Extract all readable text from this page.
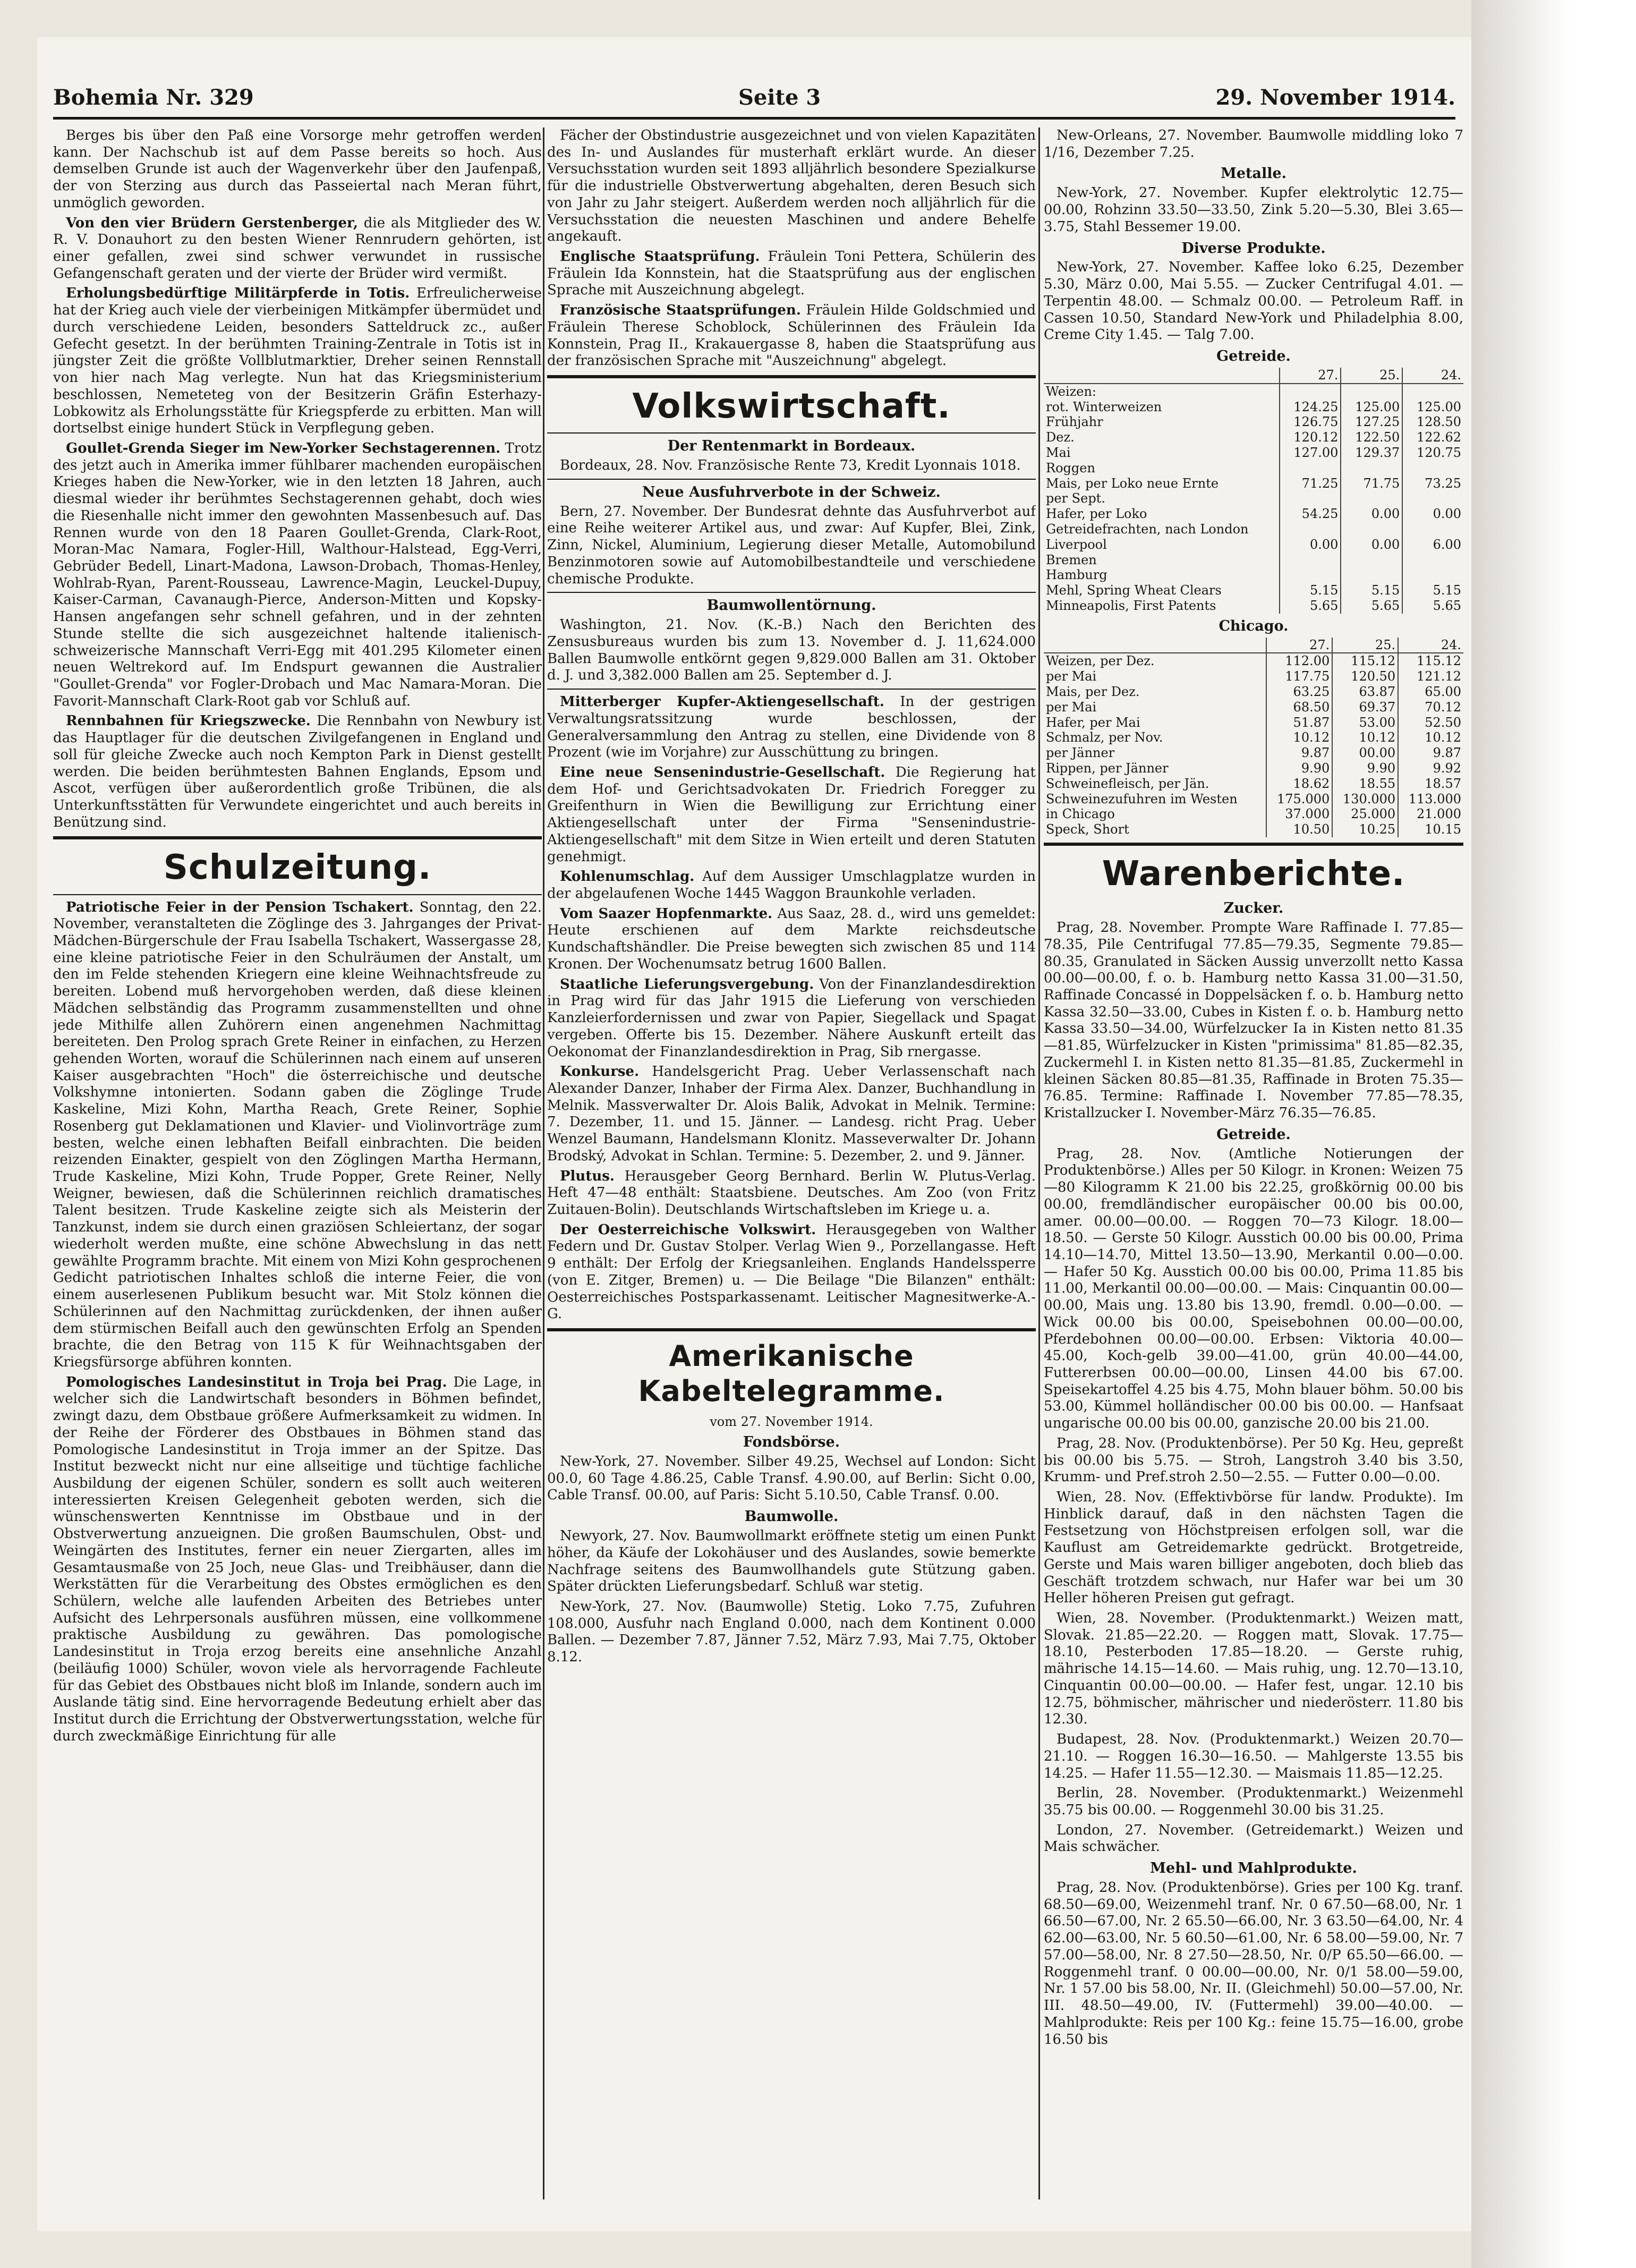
Bohemia Nr. 329	Seite 3	29. November 1914.

Berges bis über den Paß eine Vorsorge mehr getroffen werden kann. Der Nachschub ist auf dem Passe bereits so hoch. Aus demselben Grunde ist auch der Wagenverkehr über den Jaufenpaß, der von Sterzing aus durch das Passeiertal nach Meran führt, unmöglich geworden.

Von den vier Brüdern Gerstenberger, die als Mitglieder des W. R. V. Donauhort zu den besten Wiener Rennrudern gehörten, ist einer gefallen, zwei sind schwer verwundet in russische Gefangenschaft geraten und der vierte der Brüder wird vermißt.

Erholungsbedürftige Militärpferde in Totis. Erfreulicherweise hat der Krieg auch viele der vierbeinigen Mitkämpfer übermüdet und durch verschiedene Leiden, besonders Satteldruck zc., außer Gefecht gesetzt. In der berühmten Training-Zentrale in Totis ist in jüngster Zeit die größte Vollblutmarktier, Dreher seinen Rennstall von hier nach Mag verlegte. Nun hat das Kriegsministerium beschlossen, Nemeteteg von der Besitzerin Gräfin Esterhazy-Lobkowitz als Erholungsstätte für Kriegspferde zu erbitten. Man will dortselbst einige hundert Stück in Verpflegung geben.

Goullet-Grenda Sieger im New-Yorker Sechstagerennen. Trotz des jetzt auch in Amerika immer fühlbarer machenden europäischen Krieges haben die New-Yorker, wie in den letzten 18 Jahren, auch diesmal wieder ihr berühmtes Sechstagerennen gehabt, doch wies die Riesenhalle nicht immer den gewohnten Massenbesuch auf. Das Rennen wurde von den 18 Paaren Goullet-Grenda, Clark-Root, Moran-Mac Namara, Fogler-Hill, Walthour-Halstead, Egg-Verri, Gebrüder Bedell, Linart-Madona, Lawson-Drobach, Thomas-Henley, Wohlrab-Ryan, Parent-Rousseau, Lawrence-Magin, Leuckel-Dupuy, Kaiser-Carman, Cavanaugh-Pierce, Anderson-Mitten und Kopsky-Hansen angefangen sehr schnell gefahren, und in der zehnten Stunde stellte die sich ausgezeichnet haltende italienisch-schweizerische Mannschaft Verri-Egg mit 401.295 Kilometer einen neuen Weltrekord auf. Im Endspurt gewannen die Australier "Goullet-Grenda" vor Fogler-Drobach und Mac Namara-Moran. Die Favorit-Mannschaft Clark-Root gab vor Schluß auf.

Rennbahnen für Kriegszwecke. Die Rennbahn von Newbury ist das Hauptlager für die deutschen Zivilgefangenen in England und soll für gleiche Zwecke auch noch Kempton Park in Dienst gestellt werden. Die beiden berühmtesten Bahnen Englands, Epsom und Ascot, verfügen über außerordentlich große Tribünen, die als Unterkunftsstätten für Verwundete eingerichtet und auch bereits in Benützung sind.

Schulzeitung.

Patriotische Feier in der Pension Tschakert. Sonntag, den 22. November, veranstalteten die Zöglinge des 3. Jahrganges der Privat-Mädchen-Bürgerschule der Frau Isabella Tschakert, Wassergasse 28, eine kleine patriotische Feier in den Schulräumen der Anstalt, um den im Felde stehenden Kriegern eine kleine Weihnachtsfreude zu bereiten. Lobend muß hervorgehoben werden, daß diese kleinen Mädchen selbständig das Programm zusammenstellten und ohne jede Mithilfe allen Zuhörern einen angenehmen Nachmittag bereiteten. Den Prolog sprach Grete Reiner in einfachen, zu Herzen gehenden Worten, worauf die Schülerinnen nach einem auf unseren Kaiser ausgebrachten "Hoch" die österreichische und deutsche Volkshymne intonierten. Sodann gaben die Zöglinge Trude Kaskeline, Mizi Kohn, Martha Reach, Grete Reiner, Sophie Rosenberg gut Deklamationen und Klavier- und Violinvorträge zum besten, welche einen lebhaften Beifall einbrachten. Die beiden reizenden Einakter, gespielt von den Zöglingen Martha Hermann, Trude Kaskeline, Mizi Kohn, Trude Popper, Grete Reiner, Nelly Weigner, bewiesen, daß die Schülerinnen reichlich dramatisches Talent besitzen. Trude Kaskeline zeigte sich als Meisterin der Tanzkunst, indem sie durch einen graziösen Schleiertanz, der sogar wiederholt werden mußte, eine schöne Abwechslung in das nett gewählte Programm brachte. Mit einem von Mizi Kohn gesprochenen Gedicht patriotischen Inhaltes schloß die interne Feier, die von einem auserlesenen Publikum besucht war. Mit Stolz können die Schülerinnen auf den Nachmittag zurückdenken, der ihnen außer dem stürmischen Beifall auch den gewünschten Erfolg an Spenden brachte, die den Betrag von 115 K für Weihnachtsgaben der Kriegsfürsorge abführen konnten.

Pomologisches Landesinstitut in Troja bei Prag. Die Lage, in welcher sich die Landwirtschaft besonders in Böhmen befindet, zwingt dazu, dem Obstbaue größere Aufmerksamkeit zu widmen. In der Reihe der Förderer des Obstbaues in Böhmen stand das Pomologische Landesinstitut in Troja immer an der Spitze. Das Institut bezweckt nicht nur eine allseitige und tüchtige fachliche Ausbildung der eigenen Schüler, sondern es sollt auch weiteren interessierten Kreisen Gelegenheit geboten werden, sich die wünschenswerten Kenntnisse im Obstbaue und in der Obstverwertung anzueignen. Die großen Baumschulen, Obst- und Weingärten des Institutes, ferner ein neuer Ziergarten, alles im Gesamtausmaße von 25 Joch, neue Glas- und Treibhäuser, dann die Werkstätten für die Verarbeitung des Obstes ermöglichen es den Schülern, welche alle laufenden Arbeiten des Betriebes unter Aufsicht des Lehrpersonals ausführen müssen, eine vollkommene praktische Ausbildung zu gewähren. Das pomologische Landesinstitut in Troja erzog bereits eine ansehnliche Anzahl (beiläufig 1000) Schüler, wovon viele als hervorragende Fachleute für das Gebiet des Obstbaues nicht bloß im Inlande, sondern auch im Auslande tätig sind. Eine hervorragende Bedeutung erhielt aber das Institut durch die Errichtung der Obstverwertungsstation, welche für durch zweckmäßige Einrichtung für alle

Fächer der Obstindustrie ausgezeichnet und von vielen Kapazitäten des In- und Auslandes für musterhaft erklärt wurde. An dieser Versuchsstation wurden seit 1893 alljährlich besondere Spezialkurse für die industrielle Obstverwertung abgehalten, deren Besuch sich von Jahr zu Jahr steigert. Außerdem werden noch alljährlich für die Versuchsstation die neuesten Maschinen und andere Behelfe angekauft.

Englische Staatsprüfung. Fräulein Toni Pettera, Schülerin des Fräulein Ida Konnstein, hat die Staatsprüfung aus der englischen Sprache mit Auszeichnung abgelegt.

Französische Staatsprüfungen. Fräulein Hilde Goldschmied und Fräulein Therese Schoblock, Schülerinnen des Fräulein Ida Konnstein, Prag II., Krakauergasse 8, haben die Staatsprüfung aus der französischen Sprache mit "Auszeichnung" abgelegt.

Volkswirtschaft.
Der Rentenmarkt in Bordeaux.

Bordeaux, 28. Nov. Französische Rente 73, Kredit Lyonnais 1018.

Neue Ausfuhrverbote in der Schweiz.

Bern, 27. November. Der Bundesrat dehnte das Ausfuhrverbot auf eine Reihe weiterer Artikel aus, und zwar: Auf Kupfer, Blei, Zink, Zinn, Nickel, Aluminium, Legierung dieser Metalle, Automobilund Benzinmotoren sowie auf Automobilbestandteile und verschiedene chemische Produkte.

Baumwollentörnung.

Washington, 21. Nov. (K.-B.) Nach den Berichten des Zensusbureaus wurden bis zum 13. November d. J. 11,624.000 Ballen Baumwolle entkörnt gegen 9,829.000 Ballen am 31. Oktober d. J. und 3,382.000 Ballen am 25. September d. J.

Mitterberger Kupfer-Aktiengesellschaft. In der gestrigen Verwaltungsratssitzung wurde beschlossen, der Generalversammlung den Antrag zu stellen, eine Dividende von 8 Prozent (wie im Vorjahre) zur Ausschüttung zu bringen.

Eine neue Sensenindustrie-Gesellschaft. Die Regierung hat dem Hof- und Gerichtsadvokaten Dr. Friedrich Foregger zu Greifenthurn in Wien die Bewilligung zur Errichtung einer Aktiengesellschaft unter der Firma "Sensenindustrie-Aktiengesellschaft" mit dem Sitze in Wien erteilt und deren Statuten genehmigt.

Kohlenumschlag. Auf dem Aussiger Umschlagplatze wurden in der abgelaufenen Woche 1445 Waggon Braunkohle verladen.

Vom Saazer Hopfenmarkte. Aus Saaz, 28. d., wird uns gemeldet: Heute erschienen auf dem Markte reichsdeutsche Kundschaftshändler. Die Preise bewegten sich zwischen 85 und 114 Kronen. Der Wochenumsatz betrug 1600 Ballen.

Staatliche Lieferungsvergebung. Von der Finanzlandesdirektion in Prag wird für das Jahr 1915 die Lieferung von verschieden Kanzleierfordernissen und zwar von Papier, Siegellack und Spagat vergeben. Offerte bis 15. Dezember. Nähere Auskunft erteilt das Oekonomat der Finanzlandesdirektion in Prag, Sib rnergasse.

Konkurse. Handelsgericht Prag. Ueber Verlassenschaft nach Alexander Danzer, Inhaber der Firma Alex. Danzer, Buchhandlung in Melnik. Massverwalter Dr. Alois Balik, Advokat in Melnik. Termine: 7. Dezember, 11. und 15. Jänner. — Landesg. richt Prag. Ueber Wenzel Baumann, Handelsmann Klonitz. Masseverwalter Dr. Johann Brodský, Advokat in Schlan. Termine: 5. Dezember, 2. und 9. Jänner.

Plutus. Herausgeber Georg Bernhard. Berlin W. Plutus-Verlag. Heft 47—48 enthält: Staatsbiene. Deutsches. Am Zoo (von Fritz Zuitauen-Bolin). Deutschlands Wirtschaftsleben im Kriege u. a.

Der Oesterreichische Volkswirt. Herausgegeben von Walther Federn und Dr. Gustav Stolper. Verlag Wien 9., Porzellangasse. Heft 9 enthält: Der Erfolg der Kriegsanleihen. Englands Handelssperre (von E. Zitger, Bremen) u. — Die Beilage "Die Bilanzen" enthält: Oesterreichisches Postsparkassenamt. Leitischer Magnesitwerke-A.-G.

Amerikanische Kabeltelegramme.
vom 27. November 1914.
Fondsbörse.

New-York, 27. November. Silber 49.25, Wechsel auf London: Sicht 00.0, 60 Tage 4.86.25, Cable Transf. 4.90.00, auf Berlin: Sicht 0.00, Cable Transf. 00.00, auf Paris: Sicht 5.10.50, Cable Transf. 0.00.

Baumwolle.

Newyork, 27. Nov. Baumwollmarkt eröffnete stetig um einen Punkt höher, da Käufe der Lokohäuser und des Auslandes, sowie bemerkte Nachfrage seitens des Baumwollhandels gute Stützung gaben. Später drückten Lieferungsbedarf. Schluß war stetig.

New-York, 27. Nov. (Baumwolle) Stetig. Loko 7.75, Zufuhren 108.000, Ausfuhr nach England 0.000, nach dem Kontinent 0.000 Ballen. — Dezember 7.87, Jänner 7.52, März 7.93, Mai 7.75, Oktober 8.12.

New-Orleans, 27. November. Baumwolle middling loko 7 1/16, Dezember 7.25.

Metalle.

New-York, 27. November. Kupfer elektrolytic 12.75—00.00, Rohzinn 33.50—33.50, Zink 5.20—5.30, Blei 3.65—3.75, Stahl Bessemer 19.00.

Diverse Produkte.

New-York, 27. November. Kaffee loko 6.25, Dezember 5.30, März 0.00, Mai 5.55. — Zucker Centrifugal 4.01. — Terpentin 48.00. — Schmalz 00.00. — Petroleum Raff. in Cassen 10.50, Standard New-York und Philadelphia 8.00, Creme City 1.45. — Talg 7.00.

Getreide.
	27.	25.	24.
Weizen:			
rot. Winterweizen	124.25	125.00	125.00
Frühjahr	126.75	127.25	128.50
Dez.	120.12	122.50	122.62
Mai	127.00	129.37	120.75
Roggen			
Mais, per Loko neue Ernte	71.25	71.75	73.25
per Sept.			
Hafer, per Loko	54.25	0.00	0.00
Getreidefrachten, nach London			
Liverpool	0.00	0.00	6.00
Bremen			
Hamburg			
Mehl, Spring Wheat Clears	5.15	5.15	5.15
Minneapolis, First Patents	5.65	5.65	5.65
Chicago.
	27.	25.	24.
Weizen, per Dez.	112.00	115.12	115.12
per Mai	117.75	120.50	121.12
Mais, per Dez.	63.25	63.87	65.00
per Mai	68.50	69.37	70.12
Hafer, per Mai	51.87	53.00	52.50
Schmalz, per Nov.	10.12	10.12	10.12
per Jänner	9.87	00.00	9.87
Rippen, per Jänner	9.90	9.90	9.92
Schweinefleisch, per Jän.	18.62	18.55	18.57
Schweinezufuhren im Westen	175.000	130.000	113.000
in Chicago	37.000	25.000	21.000
Speck, Short	10.50	10.25	10.15
Warenberichte.
Zucker.

Prag, 28. November. Prompte Ware Raffinade I. 77.85—78.35, Pile Centrifugal 77.85—79.35, Segmente 79.85—80.35, Granulated in Säcken Aussig unverzollt netto Kassa 00.00—00.00, f. o. b. Hamburg netto Kassa 31.00—31.50, Raffinade Concassé in Doppelsäcken f. o. b. Hamburg netto Kassa 32.50—33.00, Cubes in Kisten f. o. b. Hamburg netto Kassa 33.50—34.00, Würfelzucker Ia in Kisten netto 81.35—81.85, Würfelzucker in Kisten "primissima" 81.85—82.35, Zuckermehl I. in Kisten netto 81.35—81.85, Zuckermehl in kleinen Säcken 80.85—81.35, Raffinade in Broten 75.35—76.85. Termine: Raffinade I. November 77.85—78.35, Kristallzucker I. November-März 76.35—76.85.

Getreide.

Prag, 28. Nov. (Amtliche Notierungen der Produktenbörse.) Alles per 50 Kilogr. in Kronen: Weizen 75—80 Kilogramm K 21.00 bis 22.25, großkörnig 00.00 bis 00.00, fremdländischer europäischer 00.00 bis 00.00, amer. 00.00—00.00. — Roggen 70—73 Kilogr. 18.00—18.50. — Gerste 50 Kilogr. Ausstich 00.00 bis 00.00, Prima 14.10—14.70, Mittel 13.50—13.90, Merkantil 0.00—0.00. — Hafer 50 Kg. Ausstich 00.00 bis 00.00, Prima 11.85 bis 11.00, Merkantil 00.00—00.00. — Mais: Cinquantin 00.00—00.00, Mais ung. 13.80 bis 13.90, fremdl. 0.00—0.00. — Wick 00.00 bis 00.00, Speisebohnen 00.00—00.00, Pferdebohnen 00.00—00.00. Erbsen: Viktoria 40.00—45.00, Koch-gelb 39.00—41.00, grün 40.00—44.00, Futtererbsen 00.00—00.00, Linsen 44.00 bis 67.00. Speisekartoffel 4.25 bis 4.75, Mohn blauer böhm. 50.00 bis 53.00, Kümmel holländischer 00.00 bis 00.00. — Hanfsaat ungarische 00.00 bis 00.00, ganzische 20.00 bis 21.00.

Prag, 28. Nov. (Produktenbörse). Per 50 Kg. Heu, gepreßt bis 00.00 bis 5.75. — Stroh, Langstroh 3.40 bis 3.50, Krumm- und Pref.stroh 2.50—2.55. — Futter 0.00—0.00.

Wien, 28. Nov. (Effektivbörse für landw. Produkte). Im Hinblick darauf, daß in den nächsten Tagen die Festsetzung von Höchstpreisen erfolgen soll, war die Kauflust am Getreidemarkte gedrückt. Brotgetreide, Gerste und Mais waren billiger angeboten, doch blieb das Geschäft trotzdem schwach, nur Hafer war bei um 30 Heller höheren Preisen gut gefragt.

Wien, 28. November. (Produktenmarkt.) Weizen matt, Slovak. 21.85—22.20. — Roggen matt, Slovak. 17.75—18.10, Pesterboden 17.85—18.20. — Gerste ruhig, mährische 14.15—14.60. — Mais ruhig, ung. 12.70—13.10, Cinquantin 00.00—00.00. — Hafer fest, ungar. 12.10 bis 12.75, böhmischer, mährischer und niederösterr. 11.80 bis 12.30.

Budapest, 28. Nov. (Produktenmarkt.) Weizen 20.70—21.10. — Roggen 16.30—16.50. — Mahlgerste 13.55 bis 14.25. — Hafer 11.55—12.30. — Maismais 11.85—12.25.

Berlin, 28. November. (Produktenmarkt.) Weizenmehl 35.75 bis 00.00. — Roggenmehl 30.00 bis 31.25.

London, 27. November. (Getreidemarkt.) Weizen und Mais schwächer.

Mehl- und Mahlprodukte.

Prag, 28. Nov. (Produktenbörse). Gries per 100 Kg. tranf. 68.50—69.00, Weizenmehl tranf. Nr. 0 67.50—68.00, Nr. 1 66.50—67.00, Nr. 2 65.50—66.00, Nr. 3 63.50—64.00, Nr. 4 62.00—63.00, Nr. 5 60.50—61.00, Nr. 6 58.00—59.00, Nr. 7 57.00—58.00, Nr. 8 27.50—28.50, Nr. 0/P 65.50—66.00. — Roggenmehl tranf. 0 00.00—00.00, Nr. 0/1 58.00—59.00, Nr. 1 57.00 bis 58.00, Nr. II. (Gleichmehl) 50.00—57.00, Nr. III. 48.50—49.00, IV. (Futtermehl) 39.00—40.00. — Mahlprodukte: Reis per 100 Kg.: feine 15.75—16.00, grobe 16.50 bis
